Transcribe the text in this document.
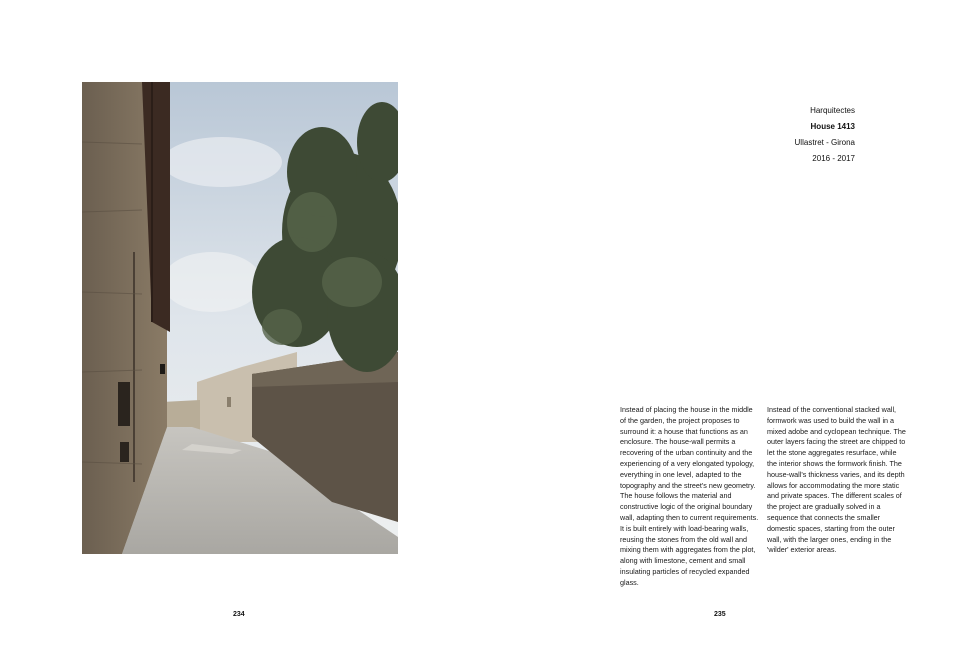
Harquitectes
House 1413
Ullastret - Girona
2016 - 2017
Instead of placing the house in the middle of the garden, the project proposes to surround it: a house that functions as an enclosure. The house-wall permits a recovering of the urban continuity and the experiencing of a very elongated typology, everything in one level, adapted to the topography and the street's new geometry. The house follows the material and constructive logic of the original boundary wall, adapting then to current requirements. It is built entirely with load-bearing walls, reusing the stones from the old wall and mixing them with aggregates from the plot, along with limestone, cement and small insulating particles of recycled expanded glass.
Instead of the conventional stacked wall, formwork was used to build the wall in a mixed adobe and cyclopean technique. The outer layers facing the street are chipped to let the stone aggregates resurface, while the interior shows the formwork finish. The house-wall's thickness varies, and its depth allows for accommodating the more static and private spaces. The different scales of the project are gradually solved in a sequence that connects the smaller domestic spaces, starting from the outer wall, with the larger ones, ending in the 'wilder' exterior areas.
234	235
